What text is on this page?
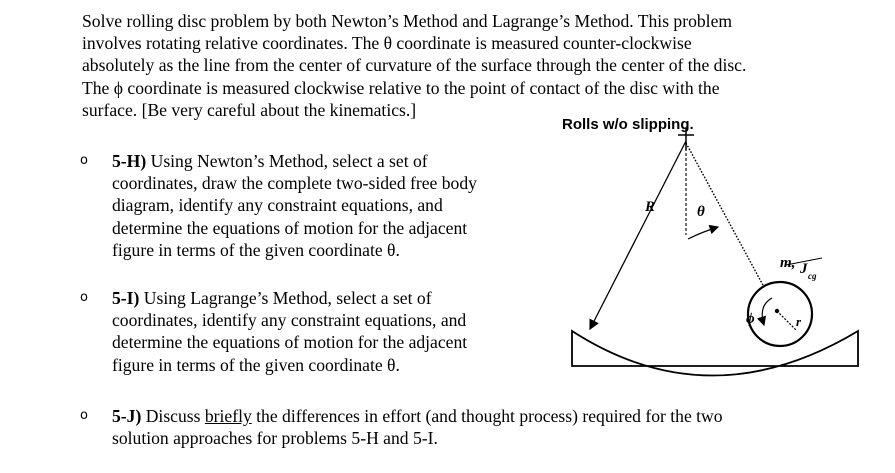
Solve rolling disc problem by both Newton’s Method and Lagrange’s Method. This problem
involves rotating relative coordinates. The θ coordinate is measured counter-clockwise
absolutely as the line from the center of curvature of the surface through the center of the disc.
The ϕ coordinate is measured clockwise relative to the point of contact of the disc with the
surface. [Be very careful about the kinematics.]
o 5-H) Using Newton’s Method, select a set of
coordinates, draw the complete two-sided free body
diagram, identify any constraint equations, and
determine the equations of motion for the adjacent
figure in terms of the given coordinate θ.
o 5-I) Using Lagrange’s Method, select a set of
coordinates, identify any constraint equations, and
determine the equations of motion for the adjacent
figure in terms of the given coordinate θ.
o 5-J) Discuss briefly the differences in effort (and thought process) required for the two
solution approaches for problems 5-H and 5-I.
R	θ
m, J cg
ϕ	r
Rolls w/o slipping.
